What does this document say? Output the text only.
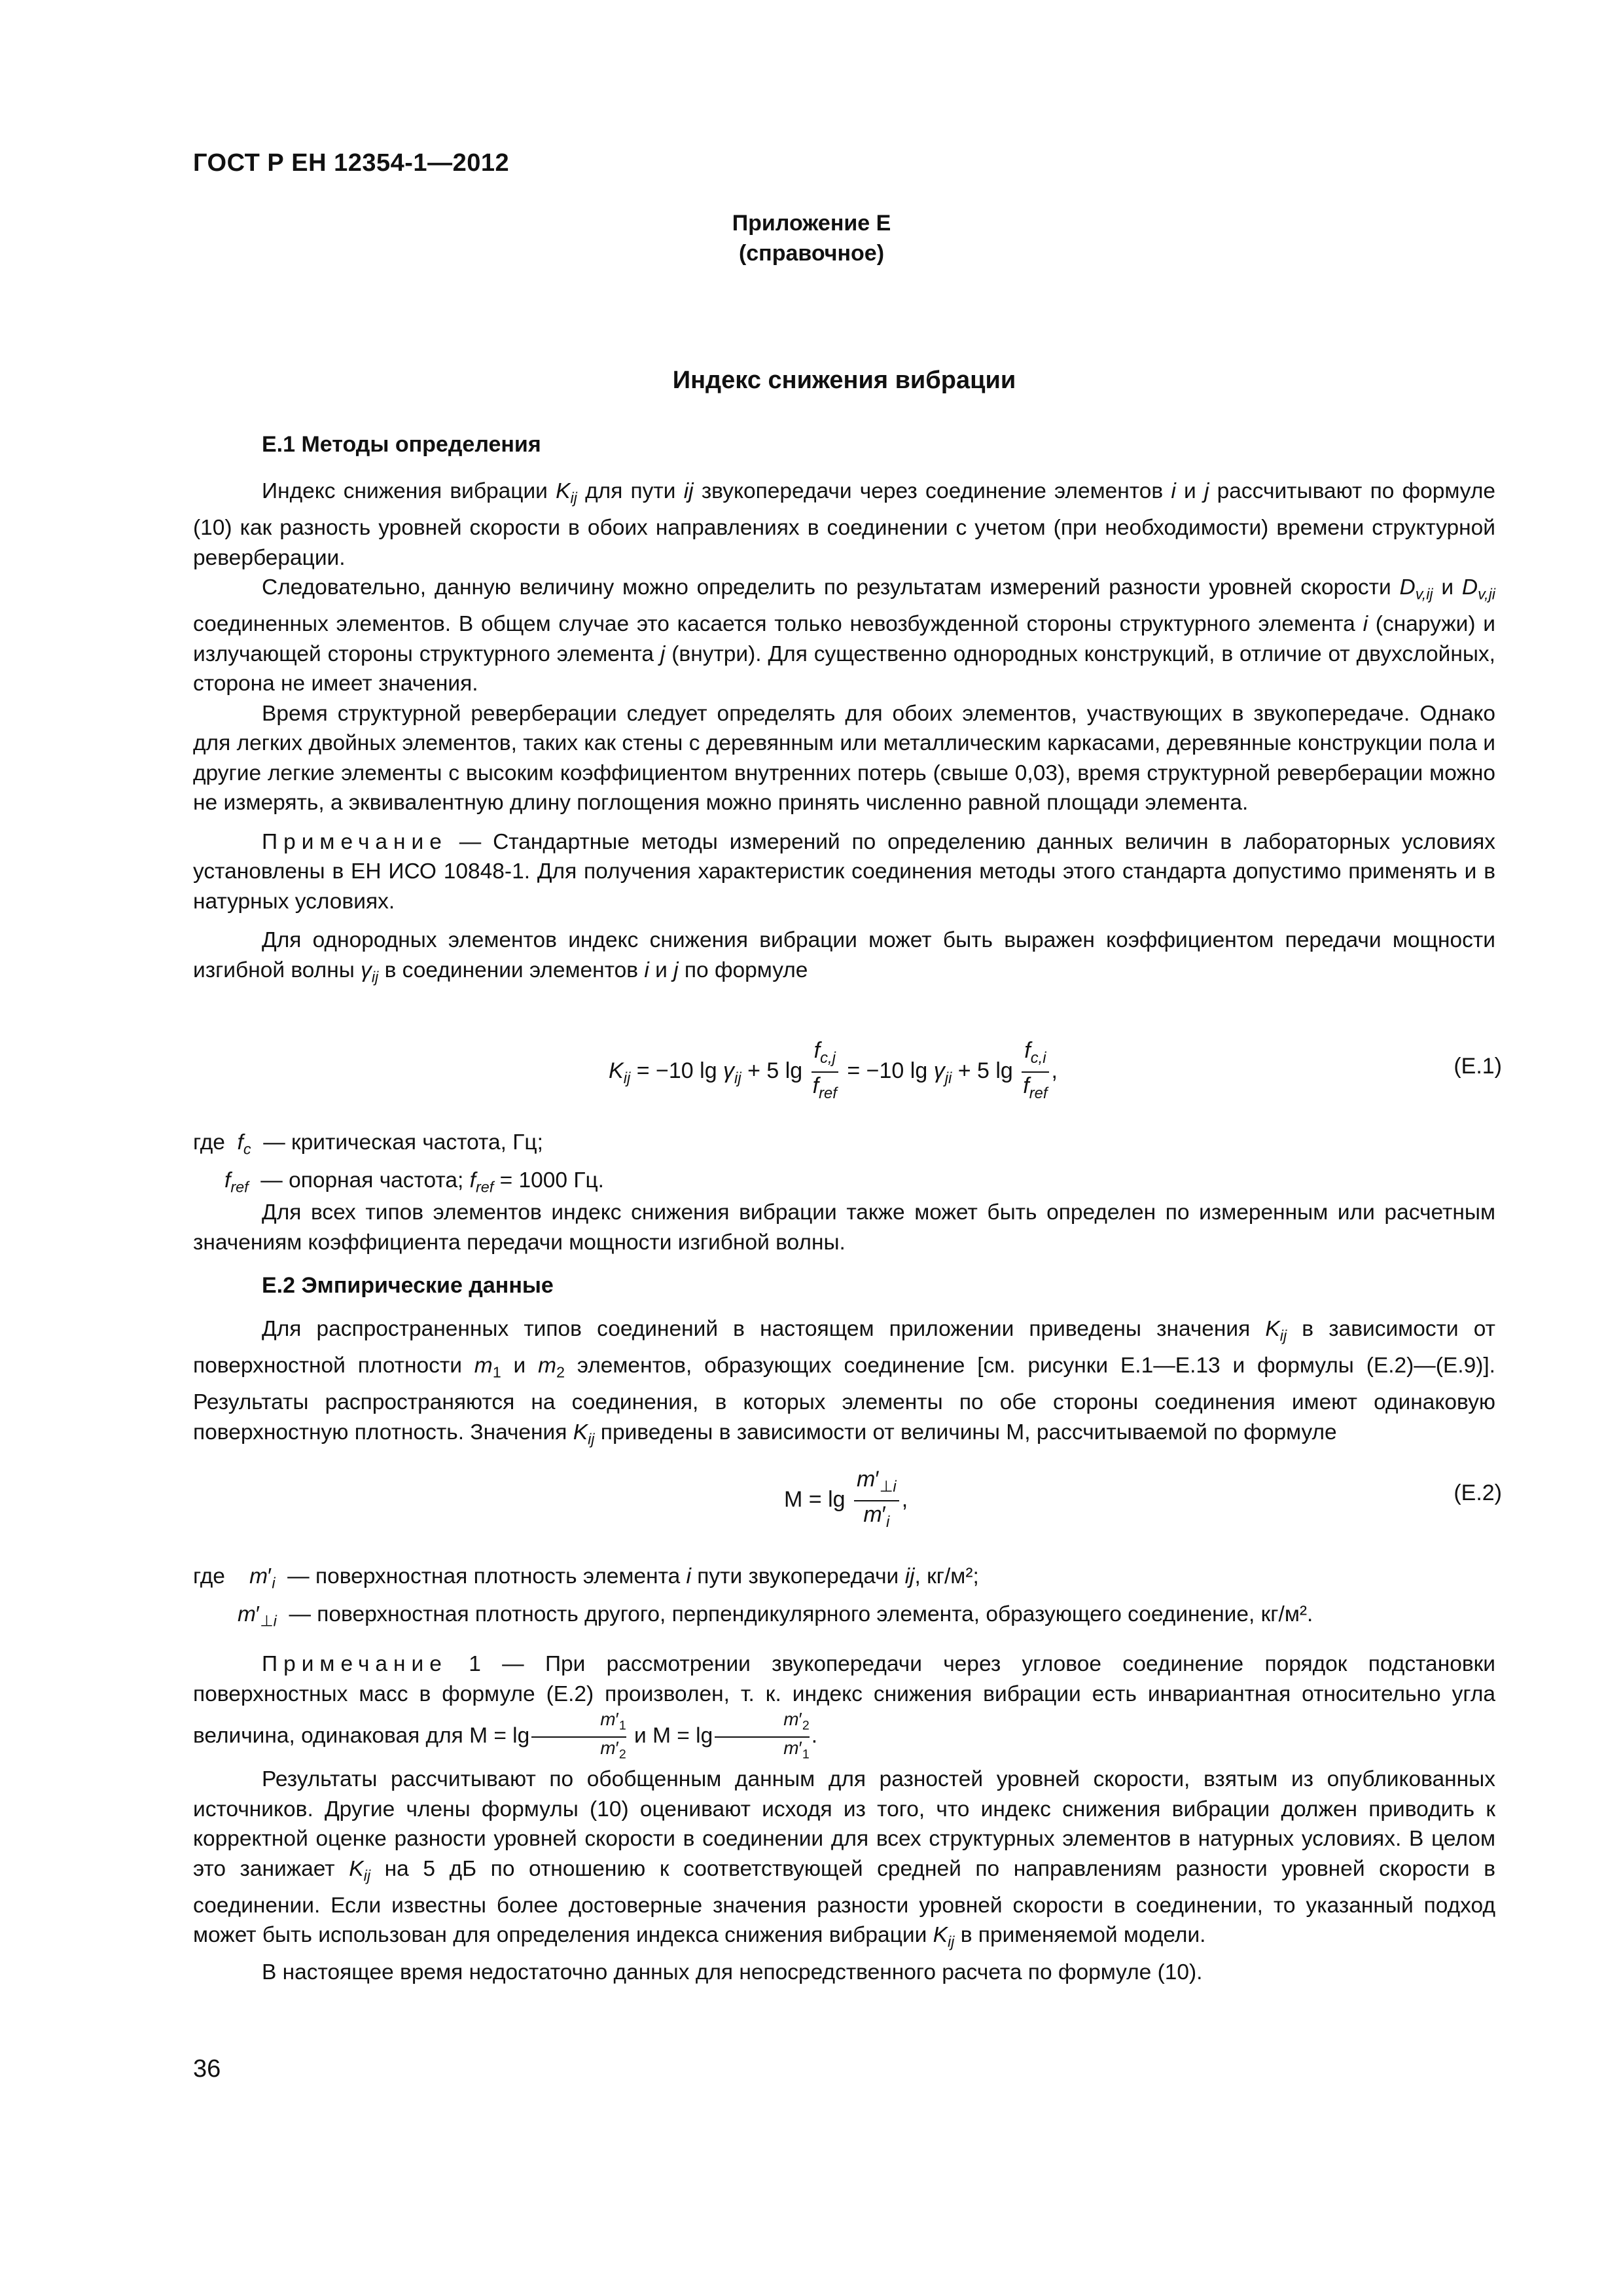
ГОСТ Р ЕН 12354-1—2012
Приложение Е
(справочное)
Индекс снижения вибрации
Е.1 Методы определения

Индекс снижения вибрации $K_{ij}$ для пути ij звукопередачи через соединение элементов i и j рассчитывают по формуле (10) как разность уровней скорости в обоих направлениях в соединении с учетом (при необходимости) времени структурной реверберации.

Следовательно, данную величину можно определить по результатам измерений разности уровней скорости $D_{v,ij}$ и $D_{v,ji}$ соединенных элементов. В общем случае это касается только невозбужденной стороны структурного элемента i (снаружи) и излучающей стороны структурного элемента j (внутри). Для существенно однородных конструкций, в отличие от двухслойных, сторона не имеет значения.

Время структурной реверберации следует определять для обоих элементов, участвующих в звукопередаче. Однако для легких двойных элементов, таких как стены с деревянным или металлическим каркасами, деревянные конструкции пола и другие легкие элементы с высоким коэффициентом внутренних потерь (свыше 0,03), время структурной реверберации можно не измерять, а эквивалентную длину поглощения можно принять численно равной площади элемента.

Примечание — Стандартные методы измерений по определению данных величин в лабораторных условиях установлены в ЕН ИСО 10848-1. Для получения характеристик соединения методы этого стандарта допустимо применять и в натурных условиях.

Для однородных элементов индекс снижения вибрации может быть выражен коэффициентом передачи мощности изгибной волны $\gamma_{ij}$ в соединении элементов i и j по формуле

$K_{ij} = -10$ $\lg \gamma_{ij} + 5$ $\lg \frac{f_{c,j}}{f_{ref}} = -10$ $\lg \gamma_{ji} + 5$ $\lg \frac{f_{c,i}}{f_{ref}}$ ,	(Е.1)
где $f_c$ — критическая частота, Гц;
$f_{ref}$ — опорная частота; $f_{ref} = 1000$ Гц.

Для всех типов элементов индекс снижения вибрации также может быть определен по измеренным или расчетным значениям коэффициента передачи мощности изгибной волны.

Е.2 Эмпирические данные

Для распространенных типов соединений в настоящем приложении приведены значения $K_{ij}$ в зависимости от поверхностной плотности $m_1$ и $m_2$ элементов, образующих соединение [см. рисунки Е.1—Е.13 и формулы (Е.2)—(Е.9)]. Результаты распространяются на соединения, в которых элементы по обе стороны соединения имеют одинаковую поверхностную плотность. Значения $K_{ij}$ приведены в зависимости от величины М, рассчитываемой по формуле

$M = \lg \frac{m'_{\perp i}}{m'_i}$ ,	(Е.2)
где $m'_i$ — поверхностная плотность элемента i пути звукопередачи ij, кг/м²;
$m'_{\perp i}$ — поверхностная плотность другого, перпендикулярного элемента, образующего соединение, кг/м².

Примечание 1 — При рассмотрении звукопередачи через угловое соединение порядок подстановки поверхностных масс в формуле (Е.2) произволен, т. к. индекс снижения вибрации есть инвариантная относительно угла величина, одинаковая для $М = \lg \frac{m'_1}{m'_2}$ и $М = \lg \frac{m'_2}{m'_1}$ .

Результаты рассчитывают по обобщенным данным для разностей уровней скорости, взятым из опубликованных источников. Другие члены формулы (10) оценивают исходя из того, что индекс снижения вибрации должен приводить к корректной оценке разности уровней скорости в соединении для всех структурных элементов в натурных условиях. В целом это занижает $K_{ij}$ на 5 дБ по отношению к соответствующей средней по направлениям разности уровней скорости в соединении. Если известны более достоверные значения разности уровней скорости в соединении, то указанный подход может быть использован для определения индекса снижения вибрации $K_{ij}$ в применяемой модели.

В настоящее время недостаточно данных для непосредственного расчета по формуле (10).

36
